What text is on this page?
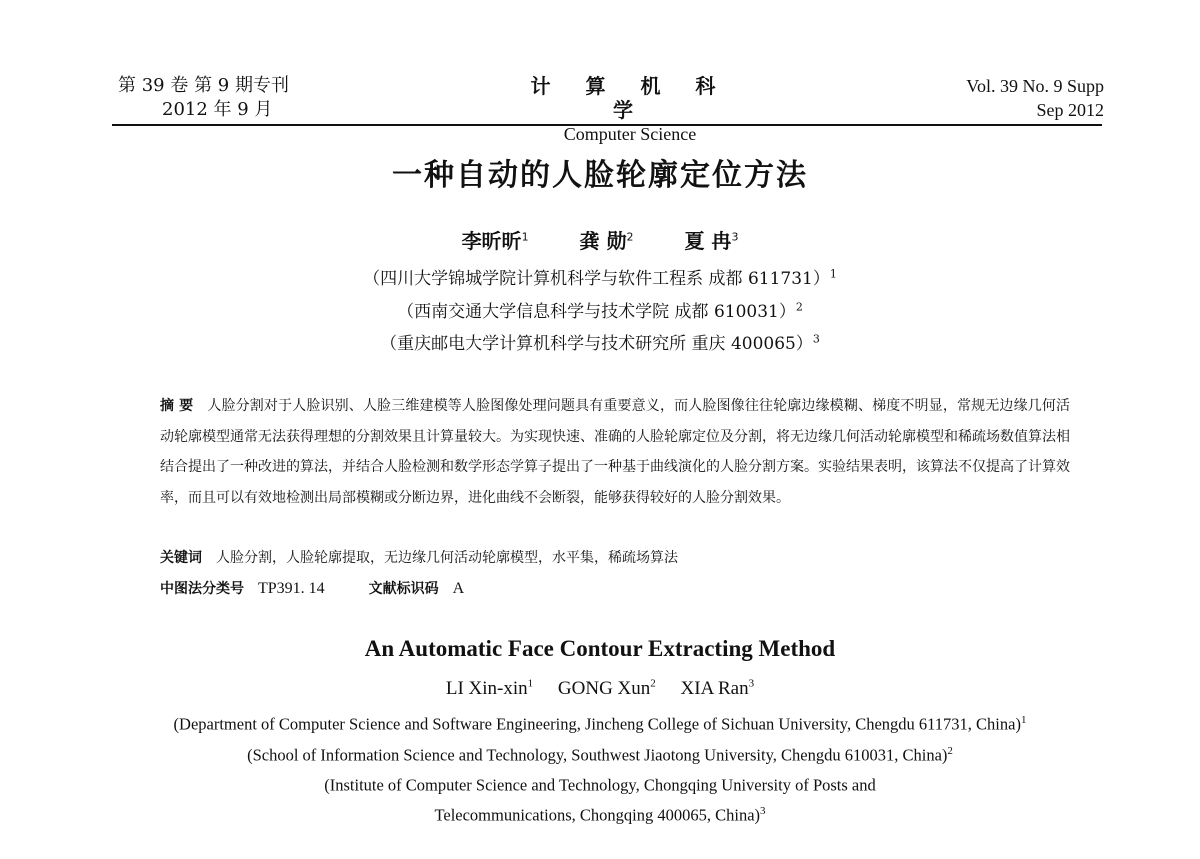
第 39 卷 第 9 期专刊
2012 年 9 月
计 算 机 科 学
Computer Science
Vol. 39 No. 9 Supp
Sep 2012
一种自动的人脸轮廓定位方法
李昕昕$^1$	龚 勋$^2$	夏 冉$^3$
（四川大学锦城学院计算机科学与软件工程系 成都 611731）$^1$
（西南交通大学信息科学与技术学院 成都 610031）$^2$
（重庆邮电大学计算机科学与技术研究所 重庆 400065）$^3$
摘 要 人脸分割对于人脸识别、人脸三维建模等人脸图像处理问题具有重要意义，而人脸图像往往轮廓边缘模糊、梯度不明显，常规无边缘几何活动轮廓模型通常无法获得理想的分割效果且计算量较大。为实现快速、准确的人脸轮廓定位及分割，将无边缘几何活动轮廓模型和稀疏场数值算法相结合提出了一种改进的算法，并结合人脸检测和数学形态学算子提出了一种基于曲线演化的人脸分割方案。实验结果表明，该算法不仅提高了计算效率，而且可以有效地检测出局部模糊或分断边界，进化曲线不会断裂，能够获得较好的人脸分割效果。
关键词 人脸分割，人脸轮廓提取，无边缘几何活动轮廓模型，水平集，稀疏场算法
中图法分类号 TP391. 14	文献标识码 A
An Automatic Face Contour Extracting Method
LI Xin-xin$^1$ GONG Xun$^2$ XIA Ran$^3$
(Department of Computer Science and Software Engineering, Jincheng College of Sichuan University, Chengdu 611731, China)$^1$
(School of Information Science and Technology, Southwest Jiaotong University, Chengdu 610031, China)$^2$
(Institute of Computer Science and Technology, Chongqing University of Posts and
Telecommunications, Chongqing 400065, China)$^3$
